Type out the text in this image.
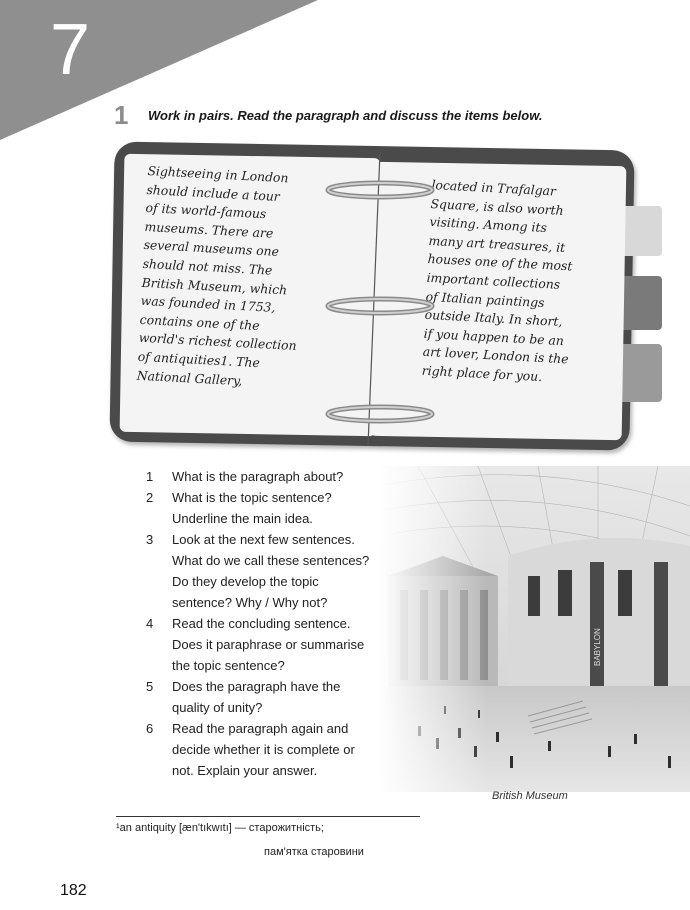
7
1 Work in pairs. Read the paragraph and discuss the items below.
Sightseeing in London
should include a tour
of its world-famous
museums. There are
several museums one
should not miss. The
British Museum, which
was founded in 1753,
contains one of the
world's richest collection
of antiquities1. The
National Gallery,
located in Trafalgar
Square, is also worth
visiting. Among its
many art treasures, it
houses one of the most
important collections
of Italian paintings
outside Italy. In short,
if you happen to be an
art lover, London is the
right place for you.
1 What is the paragraph about?
2 What is the topic sentence?
Underline the main idea.
3 Look at the next few sentences.
What do we call these sentences?
Do they develop the topic
sentence? Why / Why not?
4 Read the concluding sentence.
Does it paraphrase or summarise
the topic sentence?
5 Does the paragraph have the
quality of unity?
6 Read the paragraph again and
decide whether it is complete or
not. Explain your answer.
British Museum
¹an antiquity [æn'tıkwıtı] — старожитність;
пам'ятка старовини
182
